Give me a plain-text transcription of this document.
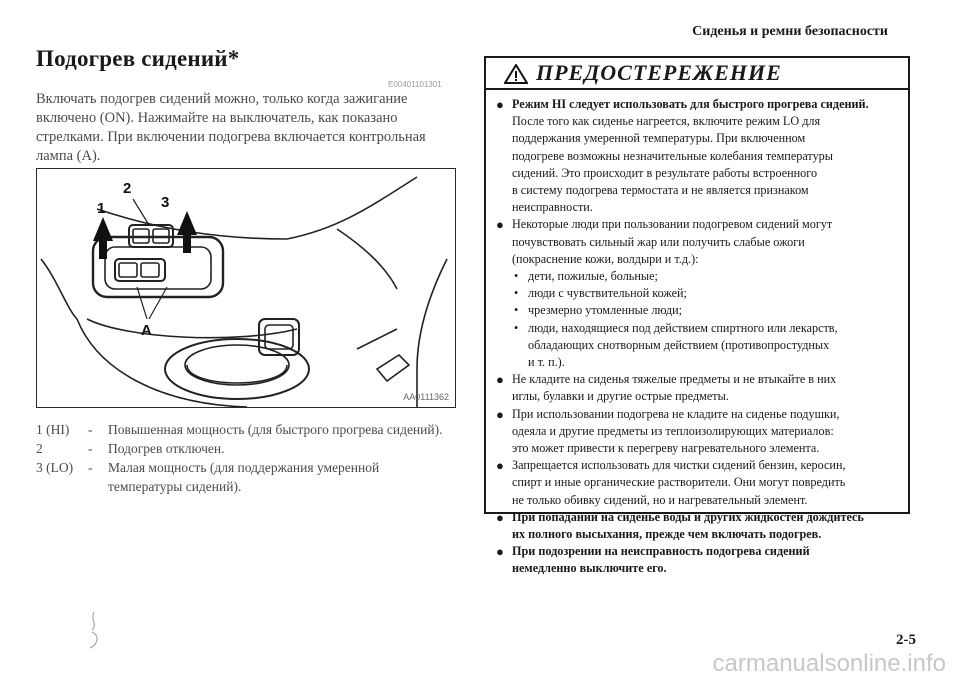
Сиденья и ремни безопасности
Подогрев сидений*
E00401101301
Включать подогрев сидений можно, только когда зажигание
включено (ON). Нажимайте на выключатель, как показано
стрелками. При включении подогрева включается контрольная
лампа (A).
1
2
3
A
AA0111362
1 (HI)	-	Повышенная мощность (для быстрого прогрева сидений).
2	-	Подогрев отключен.
3 (LO)	-	Малая мощность (для поддержания умеренной
температуры сидений).
ПРЕДОСТЕРЕЖЕНИЕ
● Режим HI следует использовать для быстрого прогрева сидений.
После того как сиденье нагреется, включите режим LO для
поддержания умеренной температуры. При включенном
подогреве возможны незначительные колебания температуры
сидений. Это происходит в результате работы встроенного
в систему подогрева термостата и не является признаком
неисправности.
● Некоторые люди при пользовании подогревом сидений могут
почувствовать сильный жар или получить слабые ожоги
(покраснение кожи, волдыри и т.д.):
• дети, пожилые, больные;
• люди с чувствительной кожей;
• чрезмерно утомленные люди;
• люди, находящиеся под действием спиртного или лекарств,
обладающих снотворным действием (противопростудных
и т. п.).
● Не кладите на сиденья тяжелые предметы и не втыкайте в них
иглы, булавки и другие острые предметы.
● При использовании подогрева не кладите на сиденье подушки,
одеяла и другие предметы из теплоизолирующих материалов:
это может привести к перегреву нагревательного элемента.
● Запрещается использовать для чистки сидений бензин, керосин,
спирт и иные органические растворители. Они могут повредить
не только обивку сидений, но и нагревательный элемент.
● При попадании на сиденье воды и других жидкостей дождитесь
их полного высыхания, прежде чем включать подогрев.
● При подозрении на неисправность подогрева сидений
немедленно выключите его.
2-5
carmanualsonline.info
